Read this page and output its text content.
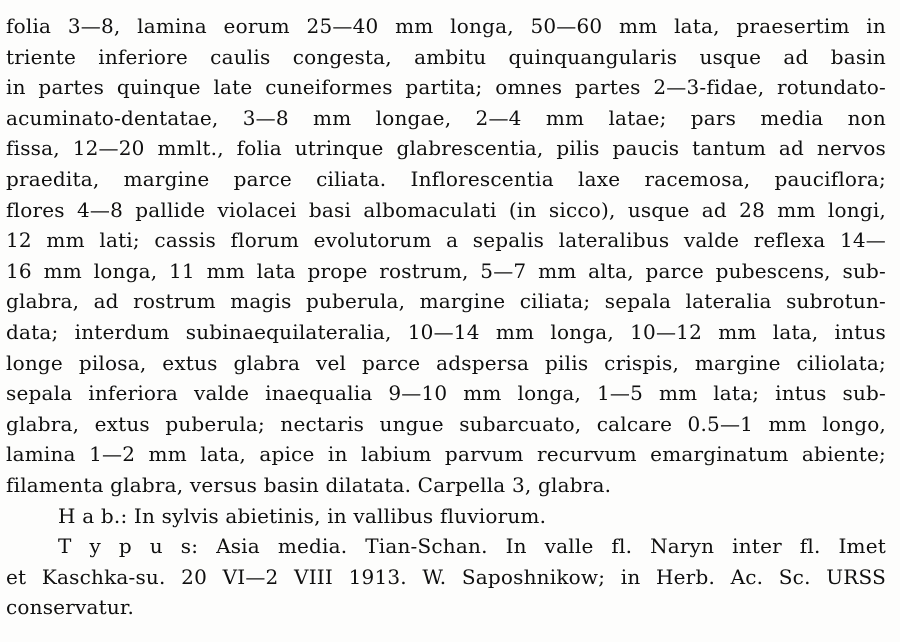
folia 3—8, lamina eorum 25—40 mm longa, 50—60 mm lata, praesertim in
triente inferiore caulis congesta, ambitu quinquangularis usque ad basin
in partes quinque late cuneiformes partita; omnes partes 2—3-fidae, rotundato-
acuminato-dentatae, 3—8 mm longae, 2—4 mm latae; pars media non
fissa, 12—20 mmlt., folia utrinque glabrescentia, pilis paucis tantum ad nervos
praedita, margine parce ciliata. Inflorescentia laxe racemosa, pauciflora;
flores 4—8 pallide violacei basi albomaculati (in sicco), usque ad 28 mm longi,
12 mm lati; cassis florum evolutorum a sepalis lateralibus valde reflexa 14—
16 mm longa, 11 mm lata prope rostrum, 5—7 mm alta, parce pubescens, sub-
glabra, ad rostrum magis puberula, margine ciliata; sepala lateralia subrotun-
data; interdum subinaequilateralia, 10—14 mm longa, 10—12 mm lata, intus
longe pilosa, extus glabra vel parce adspersa pilis crispis, margine ciliolata;
sepala inferiora valde inaequalia 9—10 mm longa, 1—5 mm lata; intus sub-
glabra, extus puberula; nectaris ungue subarcuato, calcare 0.5—1 mm longo,
lamina 1—2 mm lata, apice in labium parvum recurvum emarginatum abiente;
filamenta glabra, versus basin dilatata. Carpella 3, glabra.
H a b.: In sylvis abietinis, in vallibus fluviorum.
T y p u s: Asia media. Tian-Schan. In valle fl. Naryn inter fl. Imet
et Kaschka-su. 20 VI—2 VIII 1913. W. Saposhnikow; in Herb. Ac. Sc. URSS
conservatur.
